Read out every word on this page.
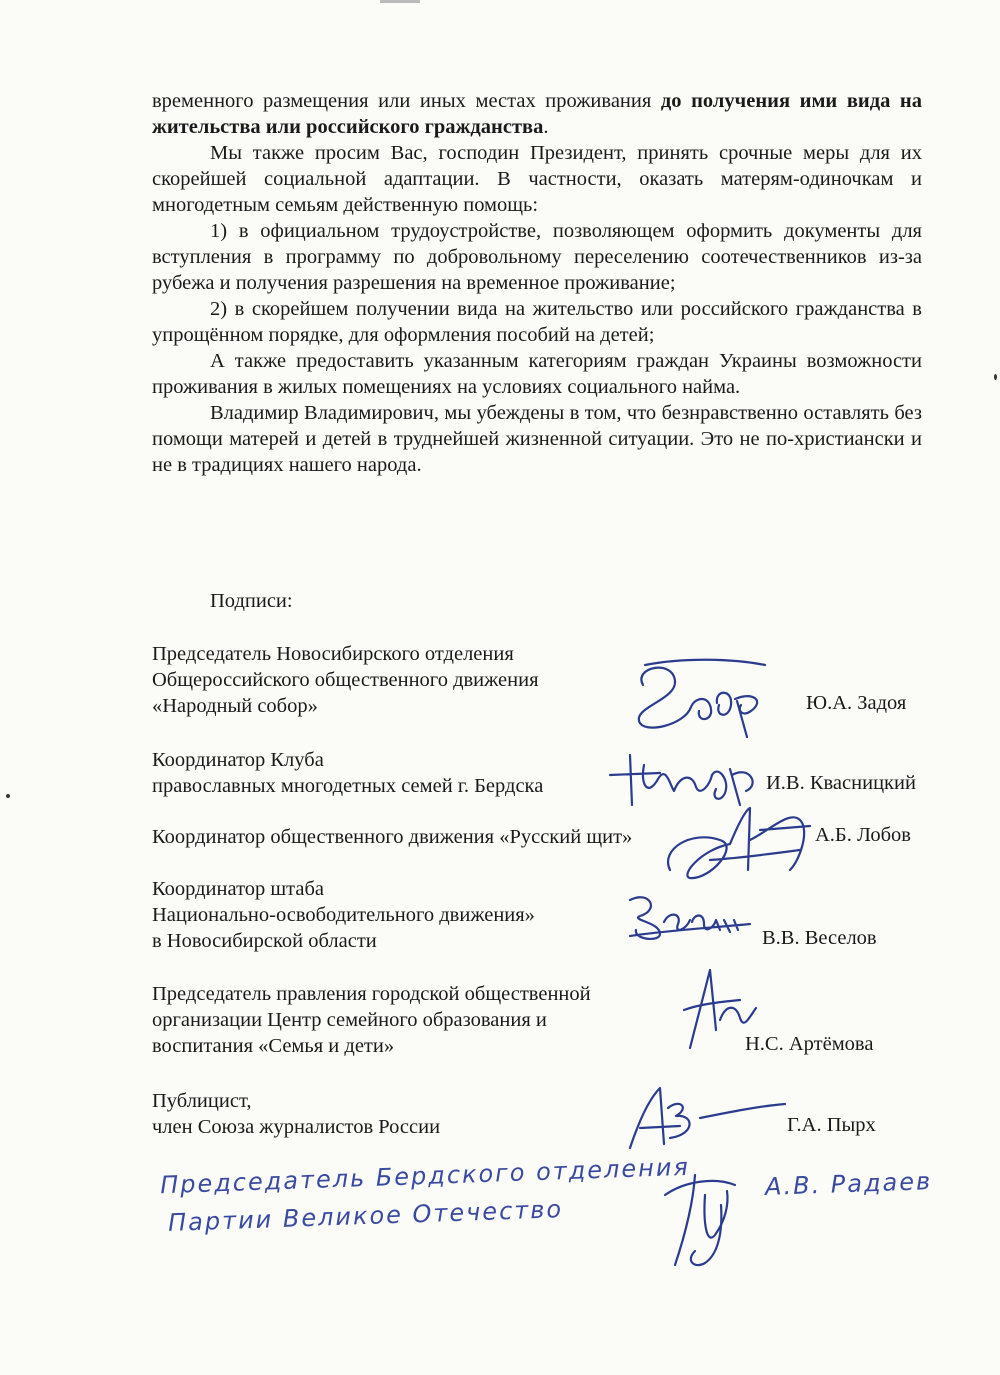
временного размещения или иных местах проживания до получения ими вида на жительства или российского гражданства.

Мы также просим Вас, господин Президент, принять срочные меры для их скорейшей социальной адаптации. В частности, оказать матерям-одиночкам и многодетным семьям действенную помощь:

1) в официальном трудоустройстве, позволяющем оформить документы для вступления в программу по добровольному переселению соотечественников из-за рубежа и получения разрешения на временное проживание;

2) в скорейшем получении вида на жительство или российского гражданства в упрощённом порядке, для оформления пособий на детей;

А также предоставить указанным категориям граждан Украины возможности проживания в жилых помещениях на условиях социального найма.

Владимир Владимирович, мы убеждены в том, что безнравственно оставлять без помощи матерей и детей в труднейшей жизненной ситуации. Это не по-христиански и не в традициях нашего народа.

Подписи:
Председатель Новосибирского отделения
Общероссийского общественного движения
«Народный собор»	Ю.А. Задоя
Координатор Клуба
православных многодетных семей г. Бердска	И.В. Квасницкий
Координатор общественного движения «Русский щит»	А.Б. Лобов
Координатор штаба
Национально-освободительного движения»
в Новосибирской области	В.В. Веселов
Председатель правления городской общественной
организации Центр семейного образования и
воспитания «Семья и дети»	Н.С. Артёмова
Публицист,
член Союза журналистов России	Г.А. Пырх
Председатель Бердского отделения
Партии Великое Отечество
А.В. Радаев
